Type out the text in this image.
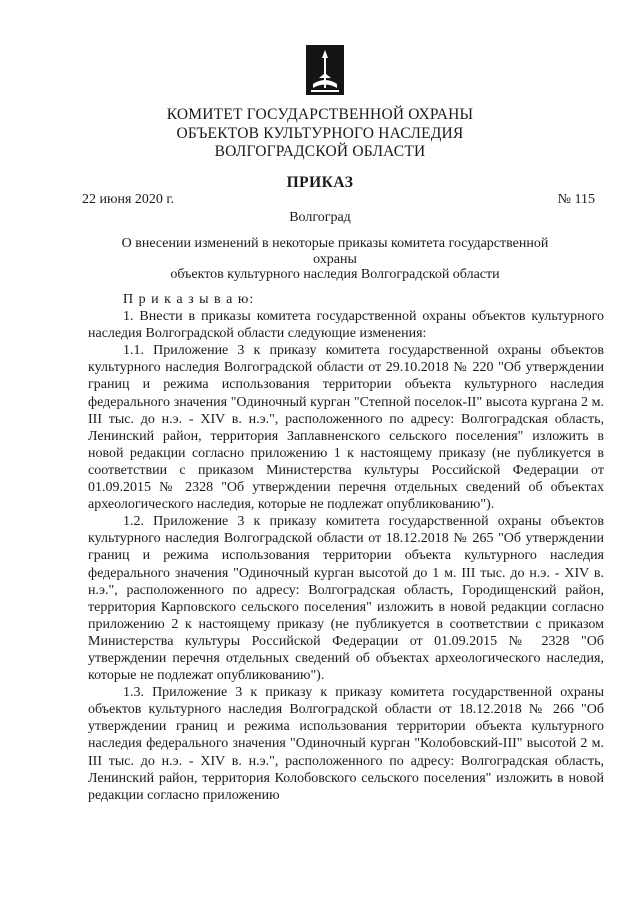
КОМИТЕТ ГОСУДАРСТВЕННОЙ ОХРАНЫ
ОБЪЕКТОВ КУЛЬТУРНОГО НАСЛЕДИЯ
ВОЛГОГРАДСКОЙ ОБЛАСТИ
ПРИКАЗ
22 июня 2020 г.	№ 115
Волгоград
О внесении изменений в некоторые приказы комитета государственной охраны
объектов культурного наследия Волгоградской области

П р и к а з ы в а ю:

1. Внести в приказы комитета государственной охраны объектов культурного наследия Волгоградской области следующие изменения:

1.1. Приложение 3 к приказу комитета государственной охраны объектов культурного наследия Волгоградской области от 29.10.2018 № 220 "Об утверждении границ и режима использования территории объекта культурного наследия федерального значения "Одиночный курган "Степной поселок-II" высота кургана 2 м. III тыс. до н.э. - XIV в. н.э.", расположенного по адресу: Волгоградская область, Ленинский район, территория Заплавненского сельского поселения" изложить в новой редакции согласно приложению 1 к настоящему приказу (не публикуется в соответствии с приказом Министерства культуры Российской Федерации от 01.09.2015 № 2328 "Об утверждении перечня отдельных сведений об объектах археологического наследия, которые не подлежат опубликованию").

1.2. Приложение 3 к приказу комитета государственной охраны объектов культурного наследия Волгоградской области от 18.12.2018 № 265 "Об утверждении границ и режима использования территории объекта культурного наследия федерального значения "Одиночный курган высотой до 1 м. III тыс. до н.э. - XIV в. н.э.", расположенного по адресу: Волгоградская область, Городищенский район, территория Карповского сельского поселения" изложить в новой редакции согласно приложению 2 к настоящему приказу (не публикуется в соответствии с приказом Министерства культуры Российской Федерации от 01.09.2015 № 2328 "Об утверждении перечня отдельных сведений об объектах археологического наследия, которые не подлежат опубликованию").

1.3. Приложение 3 к приказу к приказу комитета государственной охраны объектов культурного наследия Волгоградской области от 18.12.2018 № 266 "Об утверждении границ и режима использования территории объекта культурного наследия федерального значения "Одиночный курган "Колобовский-III" высотой 2 м. III тыс. до н.э. - XIV в. н.э.", расположенного по адресу: Волгоградская область, Ленинский район, территория Колобовского сельского поселения" изложить в новой редакции согласно приложению
